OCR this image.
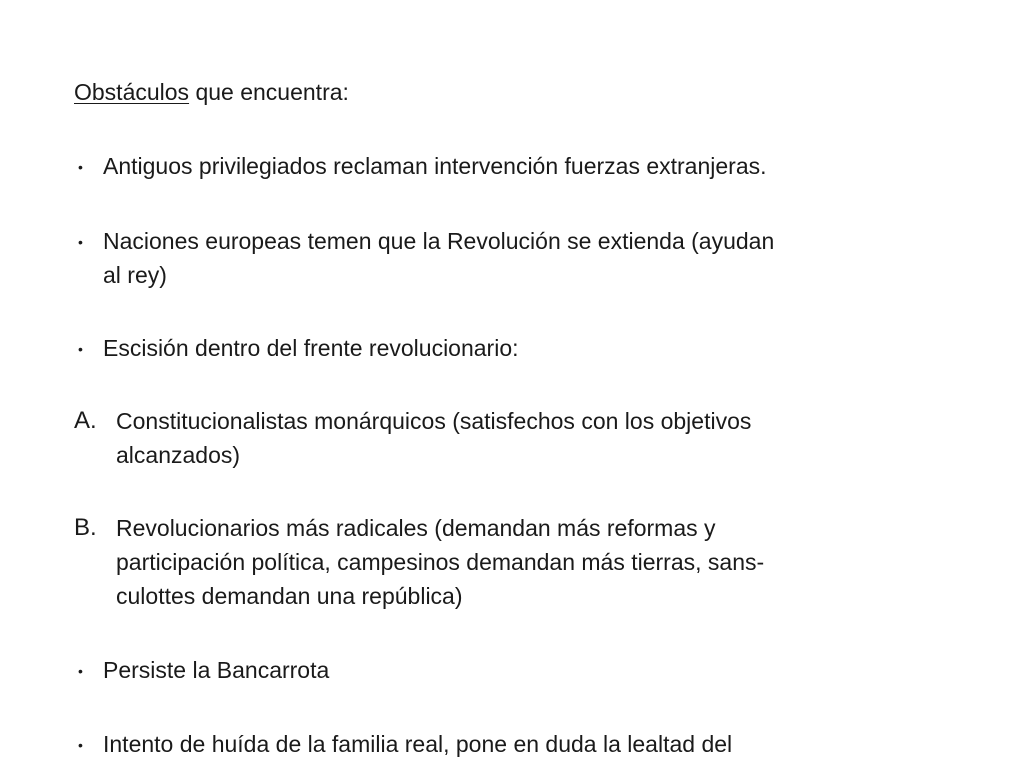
Obstáculos que encuentra:
• Antiguos privilegiados reclaman intervención fuerzas extranjeras.
• Naciones europeas temen que la Revolución se extienda (ayudan
al rey)
• Escisión dentro del frente revolucionario:
A. Constitucionalistas monárquicos (satisfechos con los objetivos
alcanzados)
B. Revolucionarios más radicales (demandan más reformas y
participación política, campesinos demandan más tierras, sans-
culottes demandan una república)
• Persiste la Bancarrota
• Intento de huída de la familia real, pone en duda la lealtad del
